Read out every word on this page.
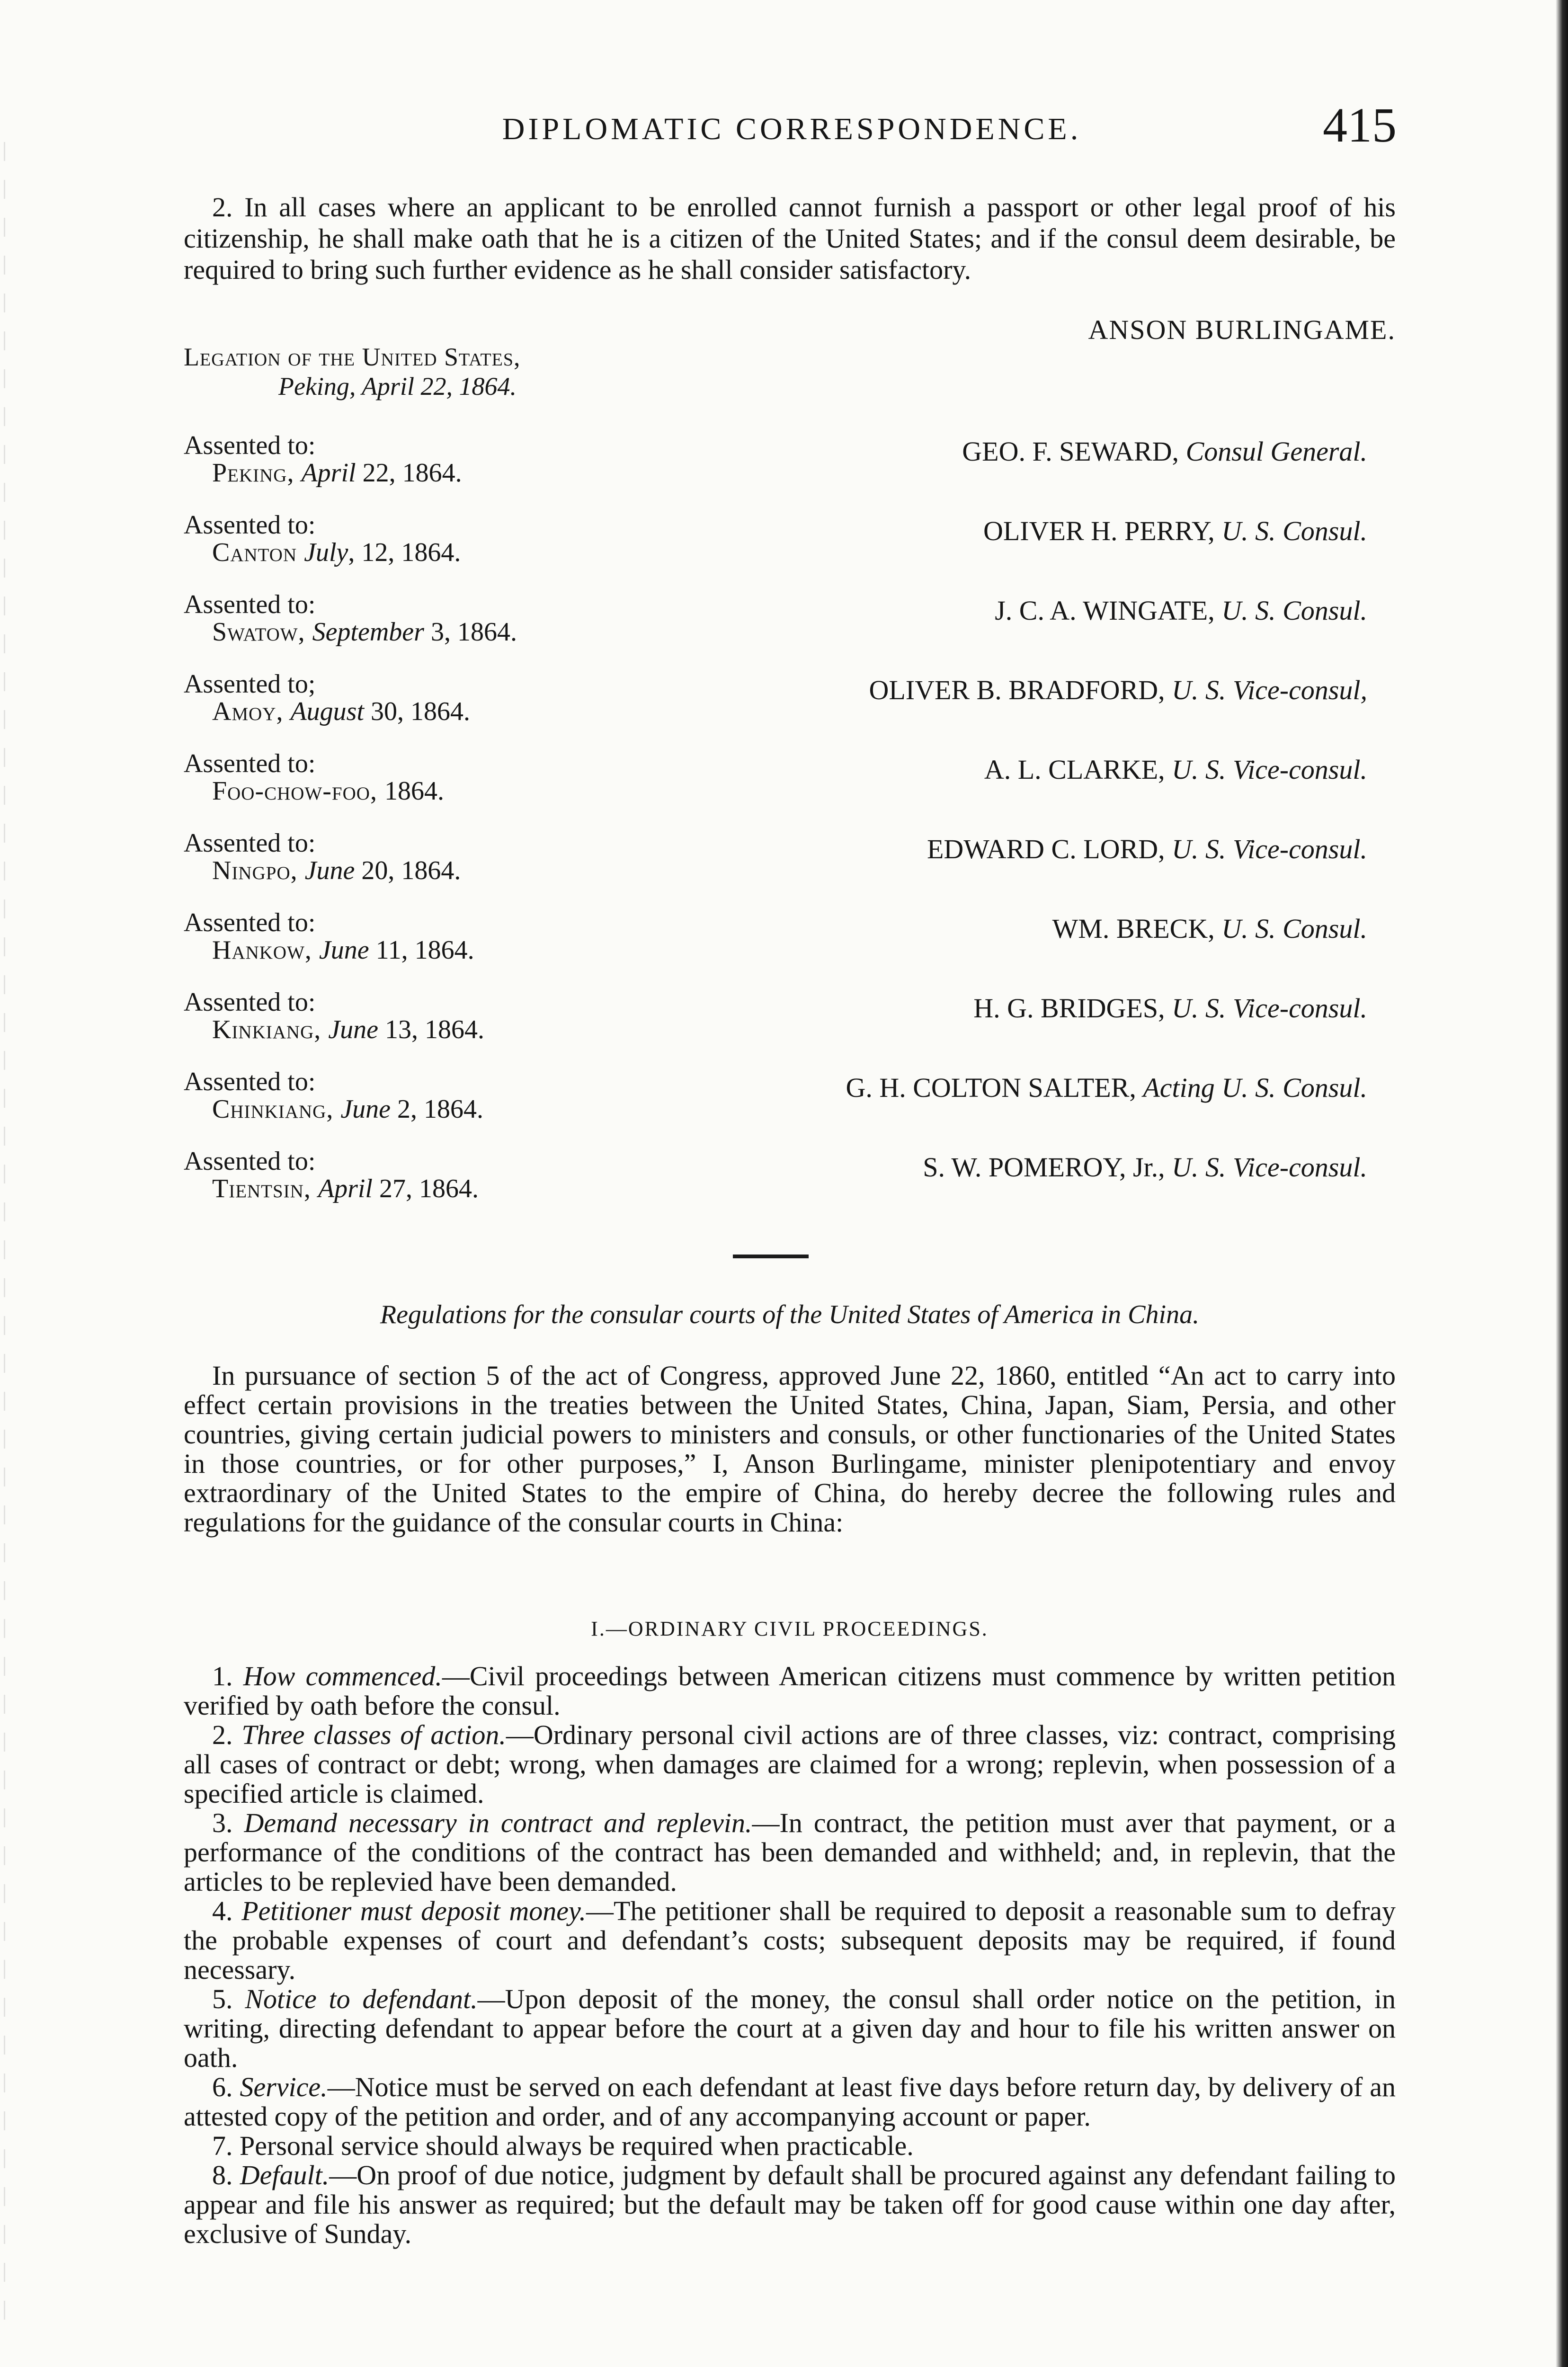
DIPLOMATIC CORRESPONDENCE.	415

2. In all cases where an applicant to be enrolled cannot furnish a passport or other legal proof of his citizenship, he shall make oath that he is a citizen of the United States; and if the consul deem desirable, be required to bring such further evidence as he shall consider satisfactory.

ANSON BURLINGAME.
Legation of the United States,
Peking, April 22, 1864.
Assented to:
Peking, April 22, 1864.
GEO. F. SEWARD, Consul General.
Assented to:
Canton July, 12, 1864.
OLIVER H. PERRY, U. S. Consul.
Assented to:
Swatow, September 3, 1864.
J. C. A. WINGATE, U. S. Consul.
Assented to;
Amoy, August 30, 1864.
OLIVER B. BRADFORD, U. S. Vice-consul,
Assented to:
Foo-chow-foo, 1864.
A. L. CLARKE, U. S. Vice-consul.
Assented to:
Ningpo, June 20, 1864.
EDWARD C. LORD, U. S. Vice-consul.
Assented to:
Hankow, June 11, 1864.
WM. BRECK, U. S. Consul.
Assented to:
Kinkiang, June 13, 1864.
H. G. BRIDGES, U. S. Vice-consul.
Assented to:
Chinkiang, June 2, 1864.
G. H. COLTON SALTER, Acting U. S. Consul.
Assented to:
Tientsin, April 27, 1864.
S. W. POMEROY, Jr., U. S. Vice-consul.
Regulations for the consular courts of the United States of America in China.

In pursuance of section 5 of the act of Congress, approved June 22, 1860, entitled “An act to carry into effect certain provisions in the treaties between the United States, China, Japan, Siam, Persia, and other countries, giving certain judicial powers to ministers and consuls, or other functionaries of the United States in those countries, or for other purposes,” I, Anson Burlingame, minister plenipotentiary and envoy extraordinary of the United States to the empire of China, do hereby decree the following rules and regulations for the guidance of the consular courts in China:

I.—ORDINARY CIVIL PROCEEDINGS.

1. How commenced.—Civil proceedings between American citizens must commence by written petition verified by oath before the consul.

2. Three classes of action.—Ordinary personal civil actions are of three classes, viz: contract, comprising all cases of contract or debt; wrong, when damages are claimed for a wrong; replevin, when possession of a specified article is claimed.

3. Demand necessary in contract and replevin.—In contract, the petition must aver that payment, or a performance of the conditions of the contract has been demanded and withheld; and, in replevin, that the articles to be replevied have been demanded.

4. Petitioner must deposit money.—The petitioner shall be required to deposit a reasonable sum to defray the probable expenses of court and defendant’s costs; subsequent deposits may be required, if found necessary.

5. Notice to defendant.—Upon deposit of the money, the consul shall order notice on the petition, in writing, directing defendant to appear before the court at a given day and hour to file his written answer on oath.

6. Service.—Notice must be served on each defendant at least five days before return day, by delivery of an attested copy of the petition and order, and of any accompanying account or paper.

7. Personal service should always be required when practicable.

8. Default.—On proof of due notice, judgment by default shall be procured against any defendant failing to appear and file his answer as required; but the default may be taken off for good cause within one day after, exclusive of Sunday.
